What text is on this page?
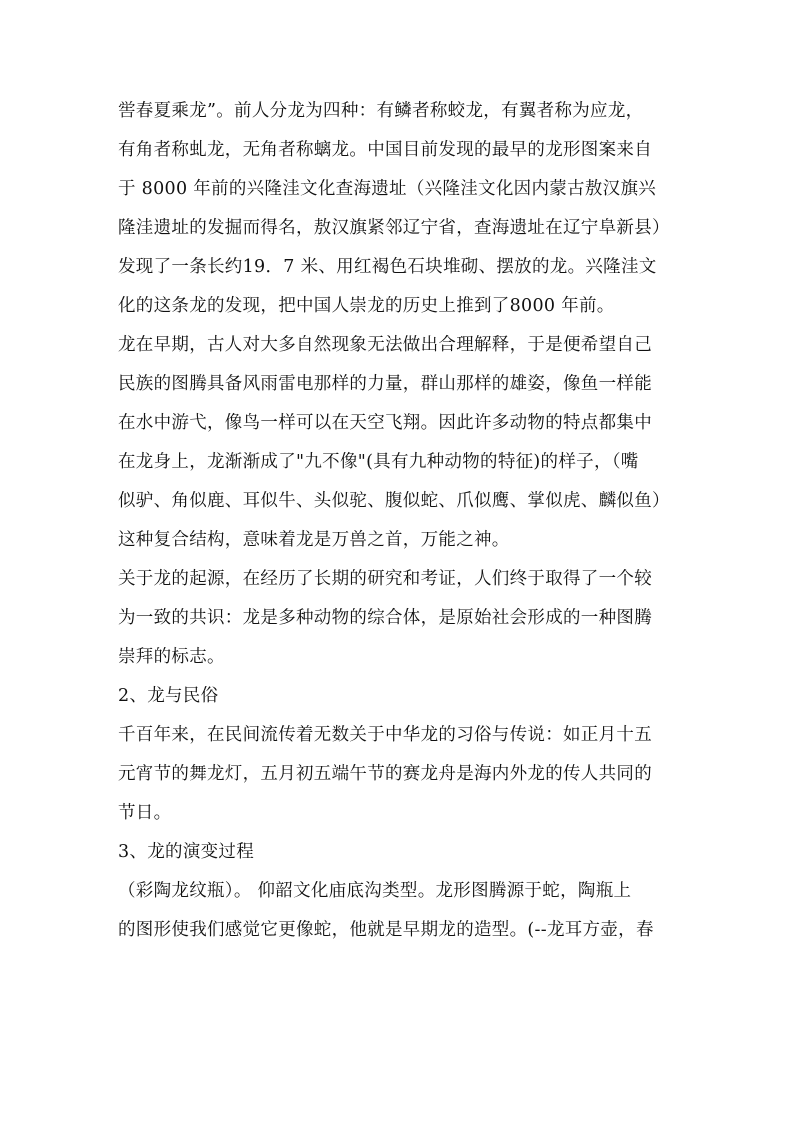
喾春夏乘龙”。前人分龙为四种：有鳞者称蛟龙，有翼者称为应龙，
有角者称虬龙，无角者称螭龙。中国目前发现的最早的龙形图案来自
于 8000 年前的兴隆洼文化查海遗址（兴隆洼文化因内蒙古敖汉旗兴
隆洼遗址的发掘而得名，敖汉旗紧邻辽宁省，查海遗址在辽宁阜新县）
发现了一条长约19．7 米、用红褐色石块堆砌、摆放的龙。兴隆洼文
化的这条龙的发现，把中国人崇龙的历史上推到了8000 年前。
龙在早期，古人对大多自然现象无法做出合理解释，于是便希望自己
民族的图腾具备风雨雷电那样的力量，群山那样的雄姿，像鱼一样能
在水中游弋，像鸟一样可以在天空飞翔。因此许多动物的特点都集中
在龙身上，龙渐渐成了"九不像"(具有九种动物的特征)的样子，（嘴
似驴、角似鹿、耳似牛、头似驼、腹似蛇、爪似鹰、掌似虎、麟似鱼）
这种复合结构，意味着龙是万兽之首，万能之神。
关于龙的起源，在经历了长期的研究和考证，人们终于取得了一个较
为一致的共识：龙是多种动物的综合体，是原始社会形成的一种图腾
崇拜的标志。
2、龙与民俗
千百年来，在民间流传着无数关于中华龙的习俗与传说：如正月十五
元宵节的舞龙灯，五月初五端午节的赛龙舟是海内外龙的传人共同的
节日。
3、龙的演变过程
（彩陶龙纹瓶）。 仰韶文化庙底沟类型。龙形图腾源于蛇，陶瓶上
的图形使我们感觉它更像蛇，他就是早期龙的造型。(--龙耳方壶，春
